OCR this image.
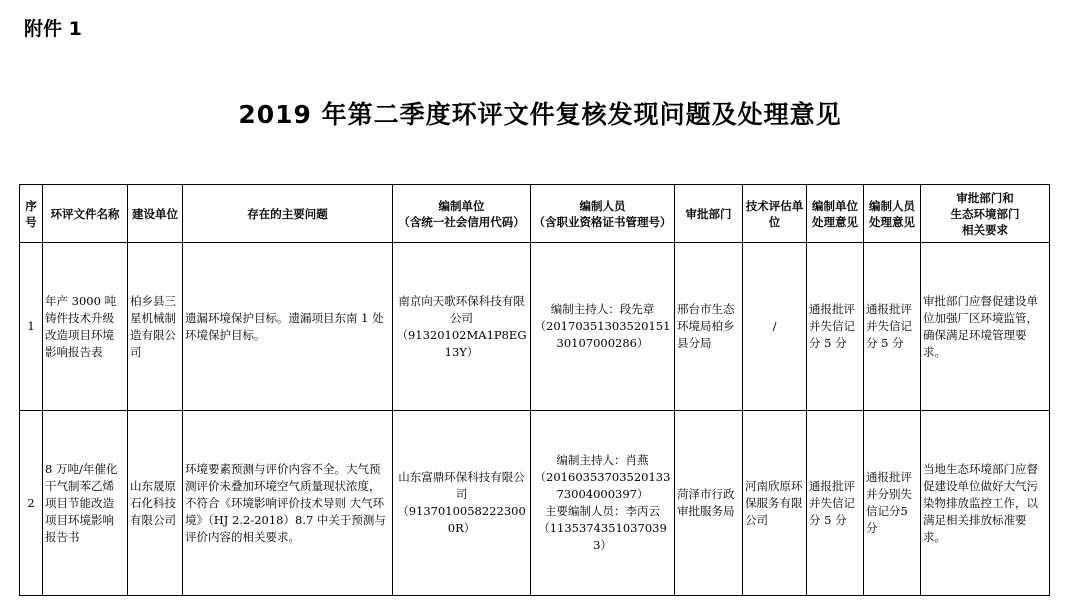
附件 1
2019 年第二季度环评文件复核发现问题及处理意见
序号	环评文件名称	建设单位	存在的主要问题	编制单位
（含统一社会信用代码）	编制人员
（含职业资格证书管理号）	审批部门	技术评估单位	编制单位处理意见	编制人员处理意见	审批部门和
生态环境部门
相关要求
1	年产 3000 吨铸件技术升级改造项目环境影响报告表	柏乡县三星机械制造有限公司	遗漏环境保护目标。遗漏项目东南 1 处环境保护目标。	南京向天歌环保科技有限公司
（91320102MA1P8EG13Y）	编制主持人：段先章
（2017035130352015130107000286）	邢台市生态环境局柏乡县分局	/	通报批评并失信记分 5 分	通报批评并失信记分 5 分	审批部门应督促建设单位加强厂区环境监管，确保满足环境管理要求。
2	8 万吨/年催化干气制苯乙烯项目节能改造项目环境影响报告书	山东晟原石化科技有限公司	环境要素预测与评价内容不全。大气预测评价未叠加环境空气质量现状浓度，不符合《环境影响评价技术导则 大气环境》（HJ 2.2-2018）8.7 中关于预测与评价内容的相关要求。	山东富鼎环保科技有限公司
（91370100582223000R）	编制主持人：肖燕
（2016035370352013373004000397）
主要编制人员：李丙云
（11353743510370393）	菏泽市行政审批服务局	河南欣原环保服务有限公司	通报批评并失信记分 5 分	通报批评并分别失信记分5 分	当地生态环境部门应督促建设单位做好大气污染物排放监控工作，以满足相关排放标准要求。
